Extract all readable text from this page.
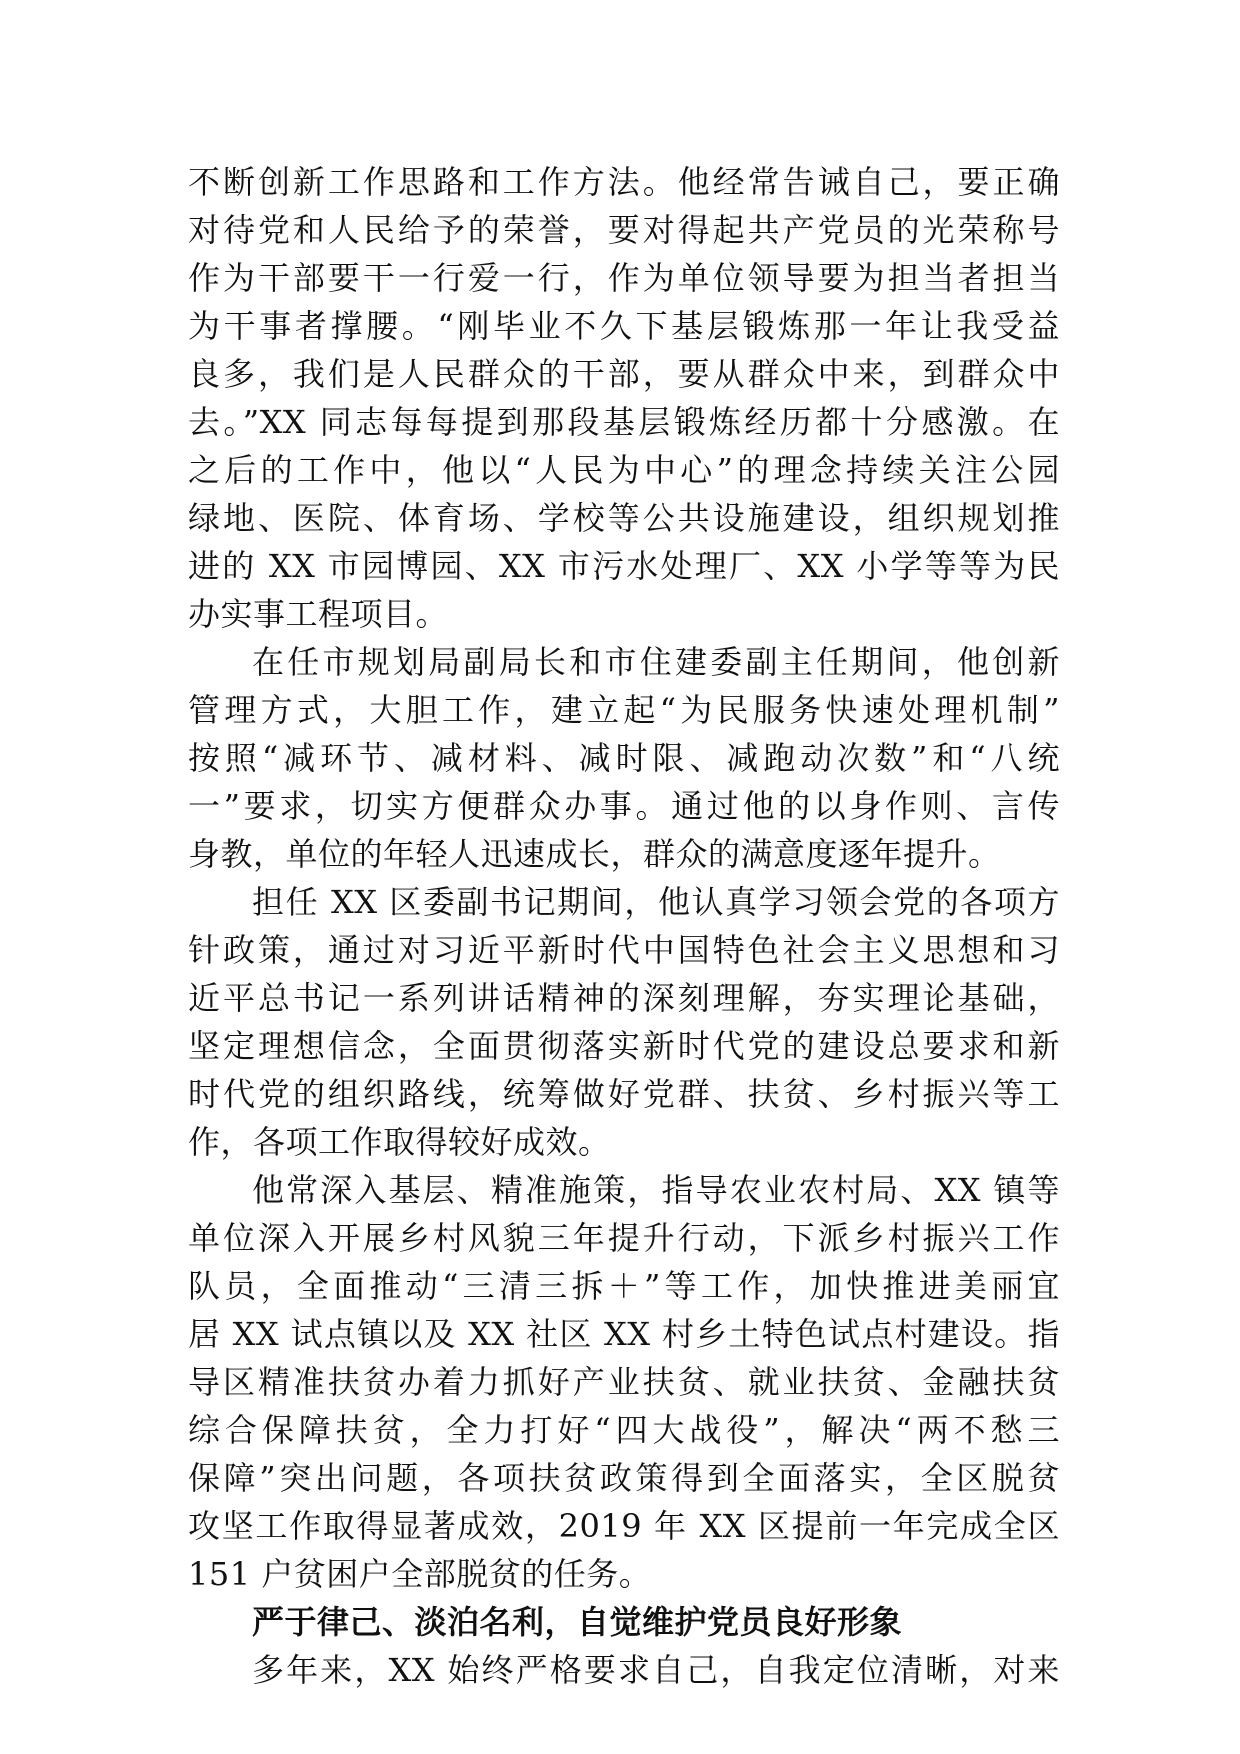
不断创新工作思路和工作方法。他经常告诫自己，要正确
对待党和人民给予的荣誉，要对得起共产党员的光荣称号
作为干部要干一行爱一行，作为单位领导要为担当者担当
为干事者撑腰。“刚毕业不久下基层锻炼那一年让我受益
良多，我们是人民群众的干部，要从群众中来，到群众中
去。”XX 同志每每提到那段基层锻炼经历都十分感激。在
之后的工作中，他以“人民为中心”的理念持续关注公园
绿地、医院、体育场、学校等公共设施建设，组织规划推
进的 XX 市园博园、XX 市污水处理厂、XX 小学等等为民
办实事工程项目。
在任市规划局副局长和市住建委副主任期间，他创新
管理方式，大胆工作，建立起“为民服务快速处理机制”
按照“减环节、减材料、减时限、减跑动次数”和“八统
一”要求，切实方便群众办事。通过他的以身作则、言传
身教，单位的年轻人迅速成长，群众的满意度逐年提升。
担任 XX 区委副书记期间，他认真学习领会党的各项方
针政策，通过对习近平新时代中国特色社会主义思想和习
近平总书记一系列讲话精神的深刻理解，夯实理论基础，
坚定理想信念，全面贯彻落实新时代党的建设总要求和新
时代党的组织路线，统筹做好党群、扶贫、乡村振兴等工
作，各项工作取得较好成效。
他常深入基层、精准施策，指导农业农村局、XX 镇等
单位深入开展乡村风貌三年提升行动，下派乡村振兴工作
队员，全面推动“三清三拆＋”等工作，加快推进美丽宜
居 XX 试点镇以及 XX 社区 XX 村乡土特色试点村建设。指
导区精准扶贫办着力抓好产业扶贫、就业扶贫、金融扶贫
综合保障扶贫，全力打好“四大战役”，解决“两不愁三
保障”突出问题，各项扶贫政策得到全面落实，全区脱贫
攻坚工作取得显著成效，2019 年 XX 区提前一年完成全区
151 户贫困户全部脱贫的任务。
严于律己、淡泊名利，自觉维护党员良好形象
多年来，XX 始终严格要求自己，自我定位清晰，对来
